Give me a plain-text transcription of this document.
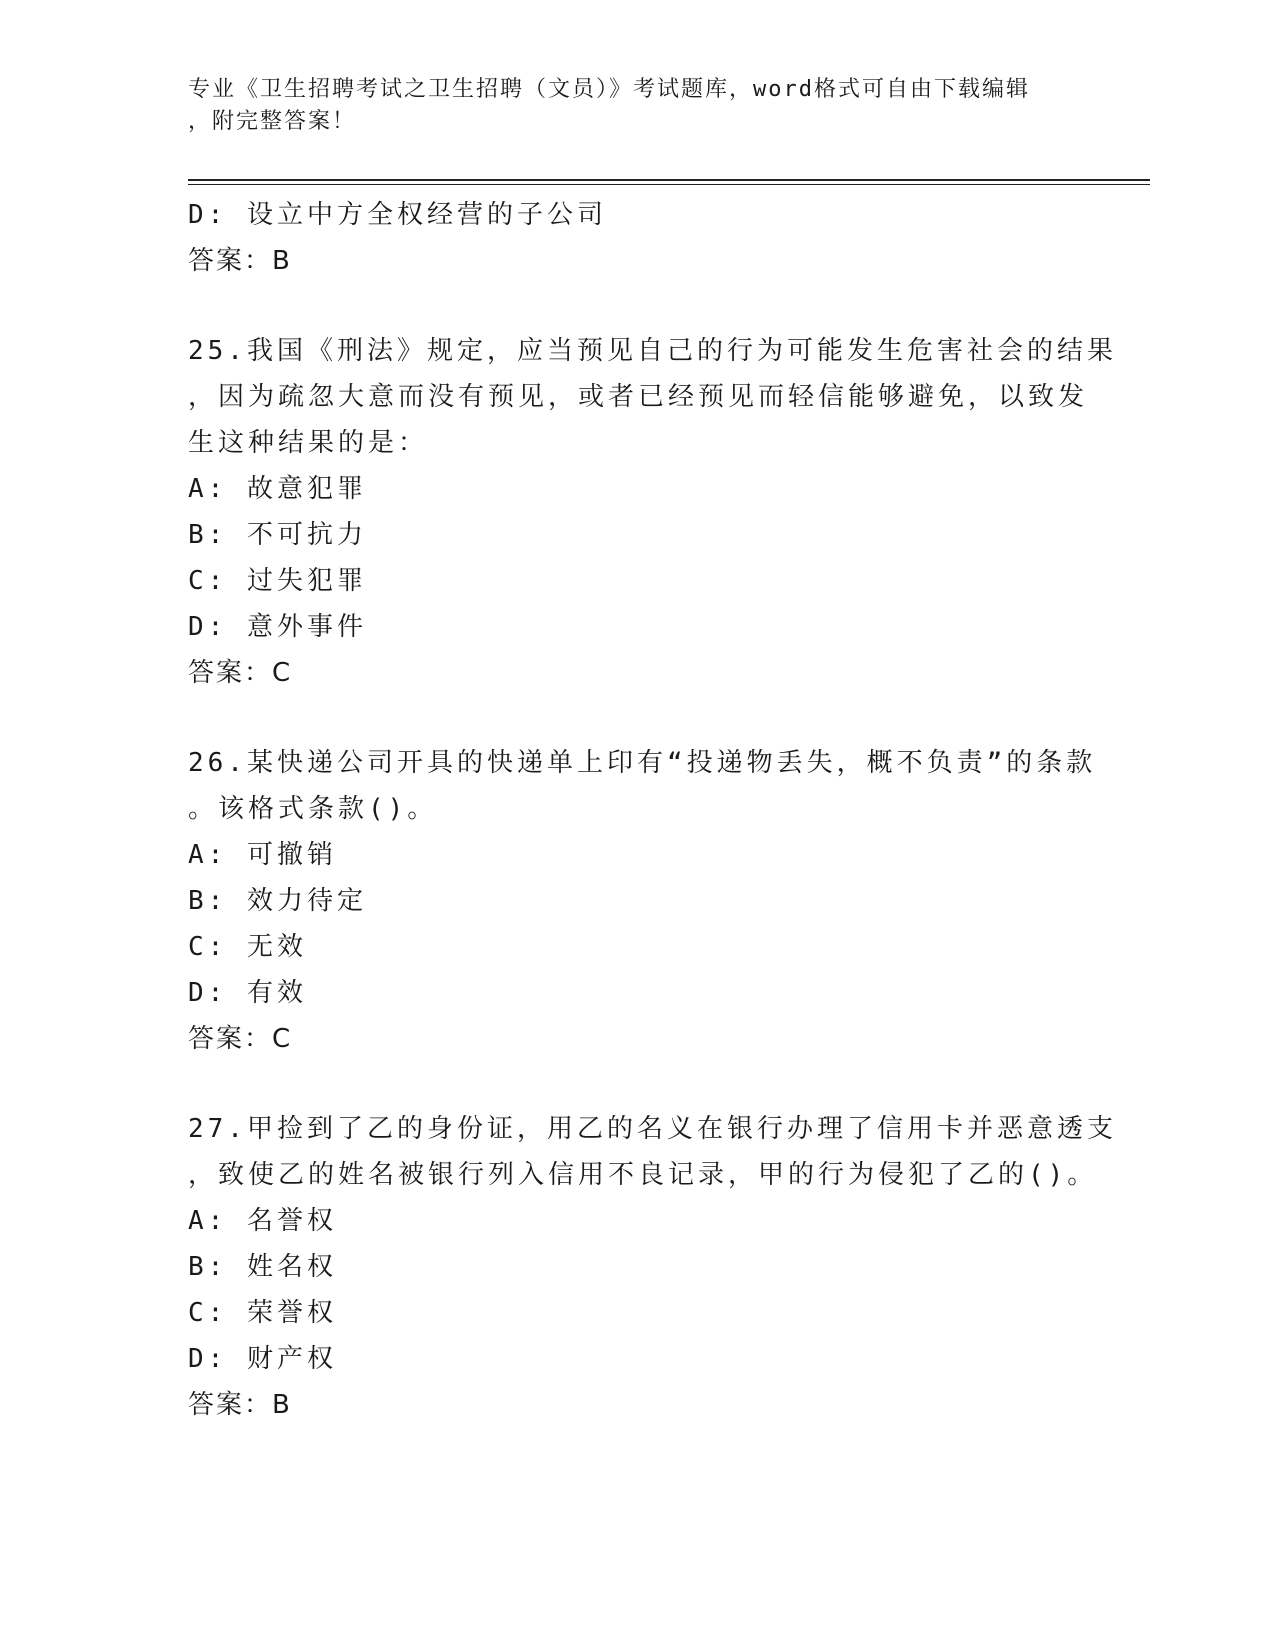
专业《卫生招聘考试之卫生招聘（文员）》考试题库，word格式可自由下载编辑

，附完整答案！

D: 设立中方全权经营的子公司
答案：B
25.我国《刑法》规定，应当预见自己的行为可能发生危害社会的结果
，因为疏忽大意而没有预见，或者已经预见而轻信能够避免，以致发
生这种结果的是：
A: 故意犯罪
B: 不可抗力
C: 过失犯罪
D: 意外事件
答案：C
26.某快递公司开具的快递单上印有“投递物丢失，概不负责”的条款
。该格式条款()。
A: 可撤销
B: 效力待定
C: 无效
D: 有效
答案：C
27.甲捡到了乙的身份证，用乙的名义在银行办理了信用卡并恶意透支
，致使乙的姓名被银行列入信用不良记录，甲的行为侵犯了乙的()。
A: 名誉权
B: 姓名权
C: 荣誉权
D: 财产权
答案：B
